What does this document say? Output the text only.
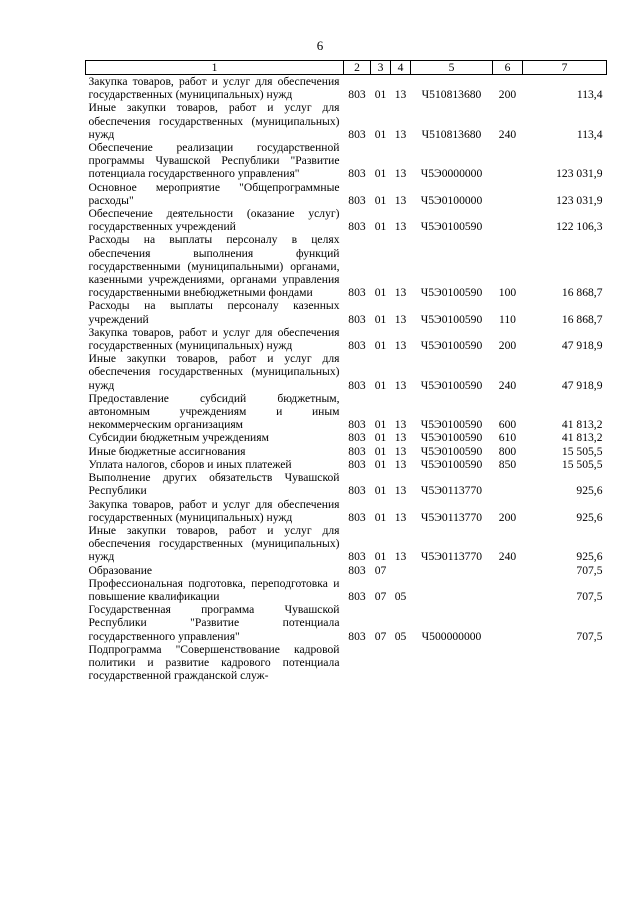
6
1	2	3	4	5	6	7
Закупка товаров, работ и услуг для обеспечения государственных (муниципальных) нужд	803	01	13	Ч510813680	200	113,4
Иные закупки товаров, работ и услуг для обеспечения государственных (муниципальных) нужд	803	01	13	Ч510813680	240	113,4
Обеспечение реализации государственной программы Чувашской Республики "Развитие потенциала государственного управления"	803	01	13	Ч5Э0000000		123 031,9
Основное мероприятие "Общепрограммные расходы"	803	01	13	Ч5Э0100000		123 031,9
Обеспечение деятельности (оказание услуг) государственных учреждений	803	01	13	Ч5Э0100590		122 106,3
Расходы на выплаты персоналу в целях обеспечения выполнения функций государственными (муниципальными) органами, казенными учреждениями, органами управления государственными внебюджетными фондами	803	01	13	Ч5Э0100590	100	16 868,7
Расходы на выплаты персоналу казенных учреждений	803	01	13	Ч5Э0100590	110	16 868,7
Закупка товаров, работ и услуг для обеспечения государственных (муниципальных) нужд	803	01	13	Ч5Э0100590	200	47 918,9
Иные закупки товаров, работ и услуг для обеспечения государственных (муниципальных) нужд	803	01	13	Ч5Э0100590	240	47 918,9
Предоставление субсидий бюджетным, автономным учреждениям и иным некоммерческим организациям	803	01	13	Ч5Э0100590	600	41 813,2
Субсидии бюджетным учреждениям	803	01	13	Ч5Э0100590	610	41 813,2
Иные бюджетные ассигнования	803	01	13	Ч5Э0100590	800	15 505,5
Уплата налогов, сборов и иных платежей	803	01	13	Ч5Э0100590	850	15 505,5
Выполнение других обязательств Чувашской Республики	803	01	13	Ч5Э0113770		925,6
Закупка товаров, работ и услуг для обеспечения государственных (муниципальных) нужд	803	01	13	Ч5Э0113770	200	925,6
Иные закупки товаров, работ и услуг для обеспечения государственных (муниципальных) нужд	803	01	13	Ч5Э0113770	240	925,6
Образование	803	07				707,5
Профессиональная подготовка, переподготовка и повышение квалификации	803	07	05			707,5
Государственная программа Чувашской Республики "Развитие потенциала государственного управления"	803	07	05	Ч500000000		707,5
Подпрограмма "Совершенствование кадровой политики и развитие кадрового потенциала государственной гражданской служ-						
